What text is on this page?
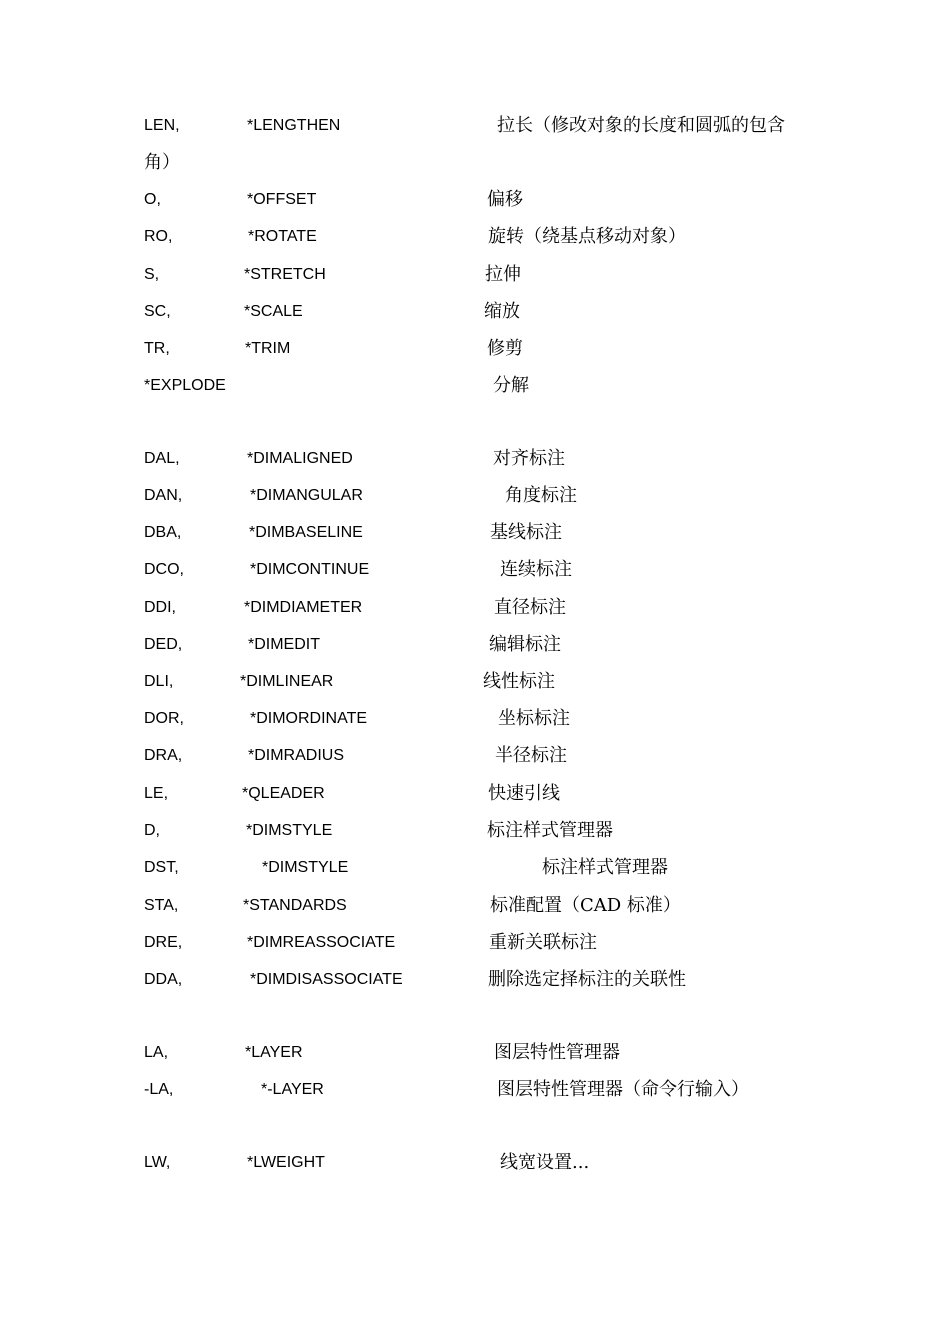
LEN,	*LENGTHEN	拉长（修改对象的长度和圆弧的包含
角）
O,	*OFFSET	偏移
RO,	*ROTATE	旋转（绕基点移动对象）
S,	*STRETCH	拉伸
SC,	*SCALE	缩放
TR,	*TRIM	修剪
*EXPLODE	分解
DAL,	*DIMALIGNED	对齐标注
DAN,	*DIMANGULAR	角度标注
DBA,	*DIMBASELINE	基线标注
DCO,	*DIMCONTINUE	连续标注
DDI,	*DIMDIAMETER	直径标注
DED,	*DIMEDIT	编辑标注
DLI,	*DIMLINEAR	线性标注
DOR,	*DIMORDINATE	坐标标注
DRA,	*DIMRADIUS	半径标注
LE,	*QLEADER	快速引线
D,	*DIMSTYLE	标注样式管理器
DST,	*DIMSTYLE	标注样式管理器
STA,	*STANDARDS	标准配置（CAD 标准）
DRE,	*DIMREASSOCIATE	重新关联标注
DDA,	*DIMDISASSOCIATE	删除选定择标注的关联性
LA,	*LAYER	图层特性管理器
-LA,	*-LAYER	图层特性管理器（命令行输入）
LW,	*LWEIGHT	线宽设置...
